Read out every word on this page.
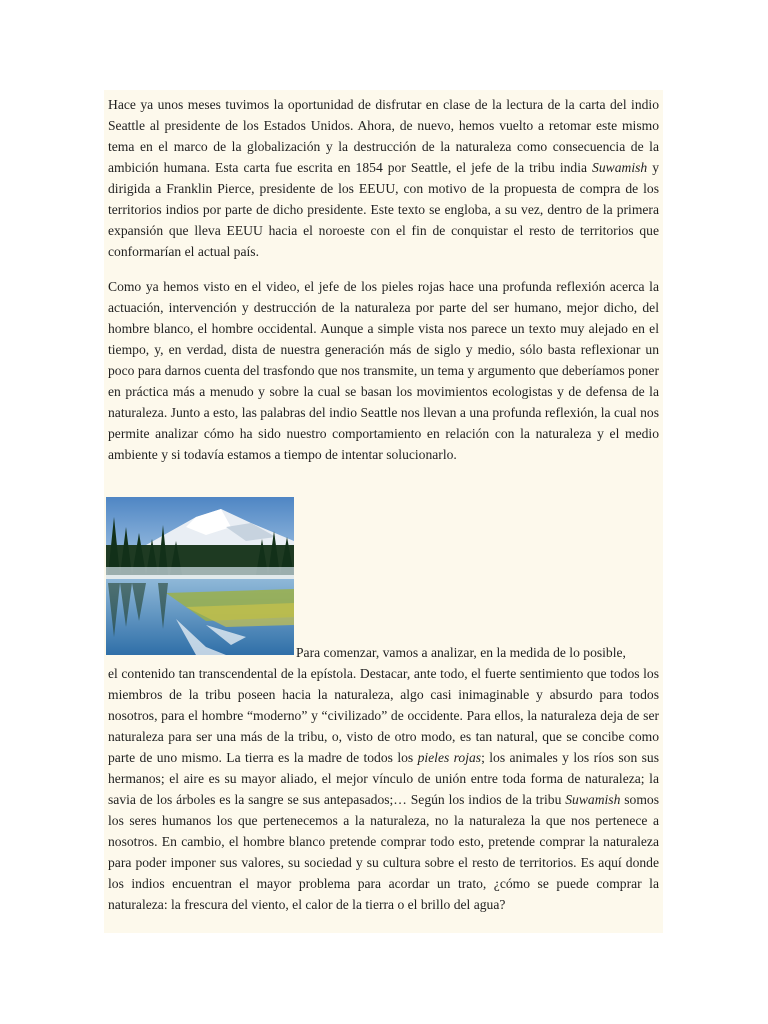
Hace ya unos meses tuvimos la oportunidad de disfrutar en clase de la lectura de la carta del indio Seattle al presidente de los Estados Unidos. Ahora, de nuevo, hemos vuelto a retomar este mismo tema en el marco de la globalización y la destrucción de la naturaleza como consecuencia de la ambición humana. Esta carta fue escrita en 1854 por Seattle, el jefe de la tribu india Suwamish y dirigida a Franklin Pierce, presidente de los EEUU, con motivo de la propuesta de compra de los territorios indios por parte de dicho presidente. Este texto se engloba, a su vez, dentro de la primera expansión que lleva EEUU hacia el noroeste con el fin de conquistar el resto de territorios que conformarían el actual país.

Como ya hemos visto en el video, el jefe de los pieles rojas hace una profunda reflexión acerca la actuación, intervención y destrucción de la naturaleza por parte del ser humano, mejor dicho, del hombre blanco, el hombre occidental. Aunque a simple vista nos parece un texto muy alejado en el tiempo, y, en verdad, dista de nuestra generación más de siglo y medio, sólo basta reflexionar un poco para darnos cuenta del trasfondo que nos transmite, un tema y argumento que deberíamos poner en práctica más a menudo y sobre la cual se basan los movimientos ecologistas y de defensa de la naturaleza. Junto a esto, las palabras del indio Seattle nos llevan a una profunda reflexión, la cual nos permite analizar cómo ha sido nuestro comportamiento en relación con la naturaleza y el medio ambiente y si todavía estamos a tiempo de intentar solucionarlo.

Para comenzar, vamos a analizar, en la medida de lo posible,

el contenido tan transcendental de la epístola. Destacar, ante todo, el fuerte sentimiento que todos los miembros de la tribu poseen hacia la naturaleza, algo casi inimaginable y absurdo para todos nosotros, para el hombre “moderno” y “civilizado” de occidente. Para ellos, la naturaleza deja de ser naturaleza para ser una más de la tribu, o, visto de otro modo, es tan natural, que se concibe como parte de uno mismo. La tierra es la madre de todos los pieles rojas; los animales y los ríos son sus hermanos; el aire es su mayor aliado, el mejor vínculo de unión entre toda forma de naturaleza; la savia de los árboles es la sangre se sus antepasados;… Según los indios de la tribu Suwamish somos los seres humanos los que pertenecemos a la naturaleza, no la naturaleza la que nos pertenece a nosotros. En cambio, el hombre blanco pretende comprar todo esto, pretende comprar la naturaleza para poder imponer sus valores, su sociedad y su cultura sobre el resto de territorios. Es aquí donde los indios encuentran el mayor problema para acordar un trato, ¿cómo se puede comprar la naturaleza: la frescura del viento, el calor de la tierra o el brillo del agua?
